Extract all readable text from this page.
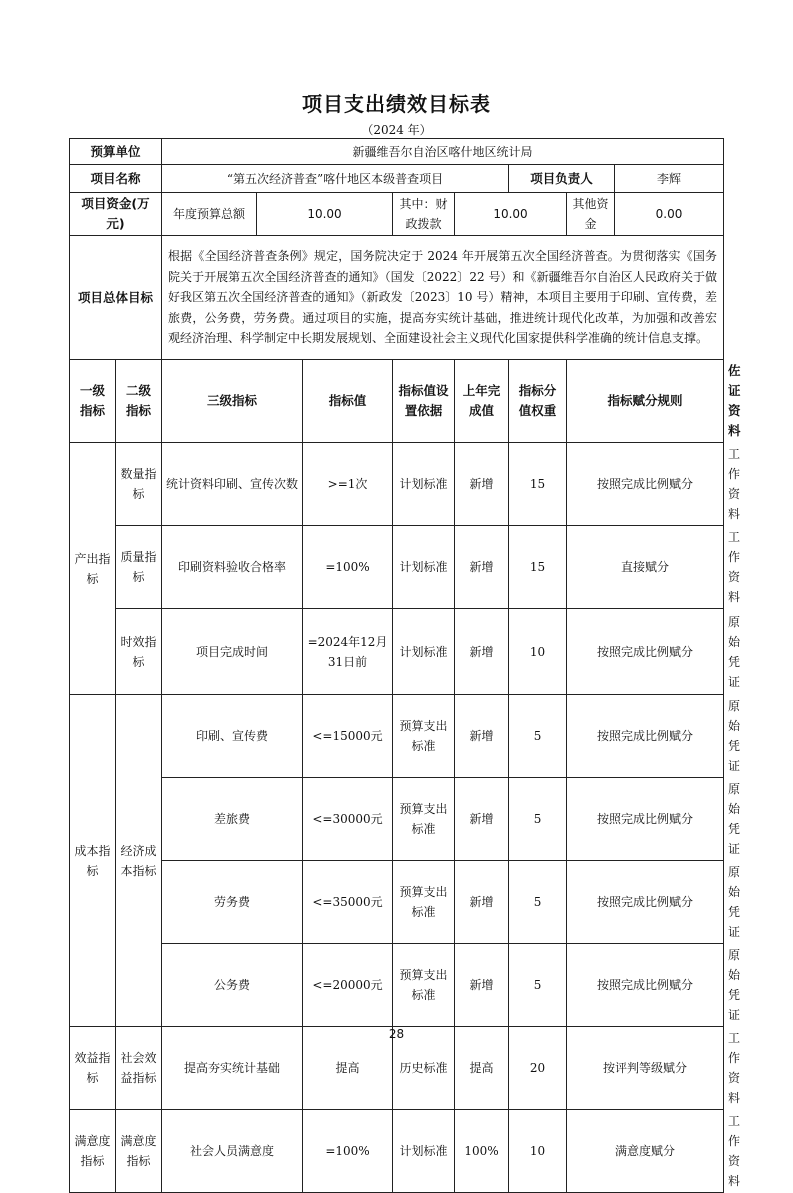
项目支出绩效目标表
（2024 年）
预算单位		新疆维吾尔自治区喀什地区统计局								
项目名称		“第五次经济普查”喀什地区本级普查项目					项目负责人		李辉	
项目资金(万元)		年度预算总额	10.00		其中：财政拨款	10.00		其他资金	0.00	
项目总体目标		根据《全国经济普查条例》规定，国务院决定于 2024 年开展第五次全国经济普查。为贯彻落实《国务院关于开展第五次全国经济普查的通知》（国发〔2022〕22 号）和《新疆维吾尔自治区人民政府关于做好我区第五次全国经济普查的通知》（新政发〔2023〕10 号）精神，本项目主要用于印刷、宣传费，差旅费，公务费，劳务费。通过项目的实施，提高夯实统计基础，推进统计现代化改革，为加强和改善宏观经济治理、科学制定中长期发展规划、全面建设社会主义现代化国家提供科学准确的统计信息支撑。								
一级指标	二级指标	三级指标		指标值	指标值设置依据	上年完成值	指标分值权重	指标赋分规则		佐证资料
产出指标	数量指标	统计资料印刷、宣传次数		>=1次	计划标准	新增	15	按照完成比例赋分		工作资料
	质量指标	印刷资料验收合格率		=100%	计划标准	新增	15	直接赋分		工作资料
	时效指标	项目完成时间		=2024年12月31日前	计划标准	新增	10	按照完成比例赋分		原始凭证
成本指标	经济成本指标	印刷、宣传费		<=15000元	预算支出标准	新增	5	按照完成比例赋分		原始凭证
		差旅费		<=30000元	预算支出标准	新增	5	按照完成比例赋分		原始凭证
		劳务费		<=35000元	预算支出标准	新增	5	按照完成比例赋分		原始凭证
		公务费		<=20000元	预算支出标准	新增	5	按照完成比例赋分		原始凭证
效益指标	社会效益指标	提高夯实统计基础		提高	历史标准	提高	20	按评判等级赋分		工作资料
满意度指标	满意度指标	社会人员满意度		=100%	计划标准	100%	10	满意度赋分		工作资料
28
